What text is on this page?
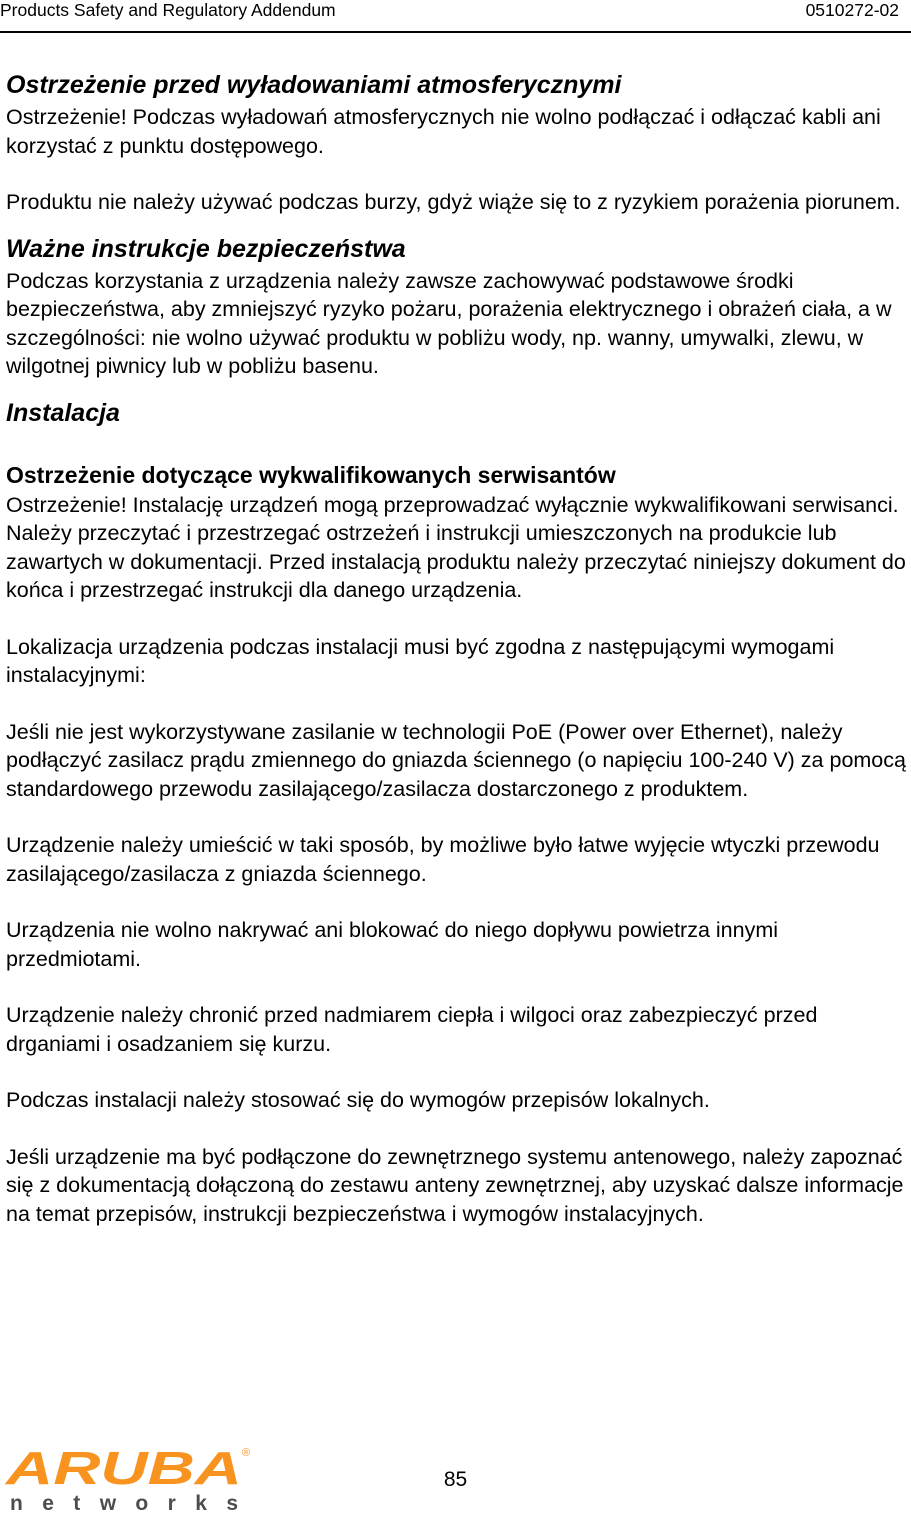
Products Safety and Regulatory Addendum	0510272-02
Ostrzeżenie przed wyładowaniami atmosferycznymi

Ostrzeżenie! Podczas wyładowań atmosferycznych nie wolno podłączać i odłączać kabli ani korzystać z punktu dostępowego.

Produktu nie należy używać podczas burzy, gdyż wiąże się to z ryzykiem porażenia piorunem.

Ważne instrukcje bezpieczeństwa

Podczas korzystania z urządzenia należy zawsze zachowywać podstawowe środki bezpieczeństwa, aby zmniejszyć ryzyko pożaru, porażenia elektrycznego i obrażeń ciała, a w szczególności: nie wolno używać produktu w pobliżu wody, np. wanny, umywalki, zlewu, w wilgotnej piwnicy lub w pobliżu basenu.

Instalacja
Ostrzeżenie dotyczące wykwalifikowanych serwisantów

Ostrzeżenie! Instalację urządzeń mogą przeprowadzać wyłącznie wykwalifikowani serwisanci. Należy przeczytać i przestrzegać ostrzeżeń i instrukcji umieszczonych na produkcie lub zawartych w dokumentacji. Przed instalacją produktu należy przeczytać niniejszy dokument do końca i przestrzegać instrukcji dla danego urządzenia.

Lokalizacja urządzenia podczas instalacji musi być zgodna z następującymi wymogami instalacyjnymi:

Jeśli nie jest wykorzystywane zasilanie w technologii PoE (Power over Ethernet), należy podłączyć zasilacz prądu zmiennego do gniazda ściennego (o napięciu 100-240 V) za pomocą standardowego przewodu zasilającego/zasilacza dostarczonego z produktem.

Urządzenie należy umieścić w taki sposób, by możliwe było łatwe wyjęcie wtyczki przewodu zasilającego/zasilacza z gniazda ściennego.

Urządzenia nie wolno nakrywać ani blokować do niego dopływu powietrza innymi przedmiotami.

Urządzenie należy chronić przed nadmiarem ciepła i wilgoci oraz zabezpieczyć przed drganiami i osadzaniem się kurzu.

Podczas instalacji należy stosować się do wymogów przepisów lokalnych.

Jeśli urządzenie ma być podłączone do zewnętrznego systemu antenowego, należy zapoznać się z dokumentacją dołączoną do zestawu anteny zewnętrznej, aby uzyskać dalsze informacje na temat przepisów, instrukcji bezpieczeństwa i wymogów instalacyjnych.

ARUBA ®
n e t w o r k s
85
